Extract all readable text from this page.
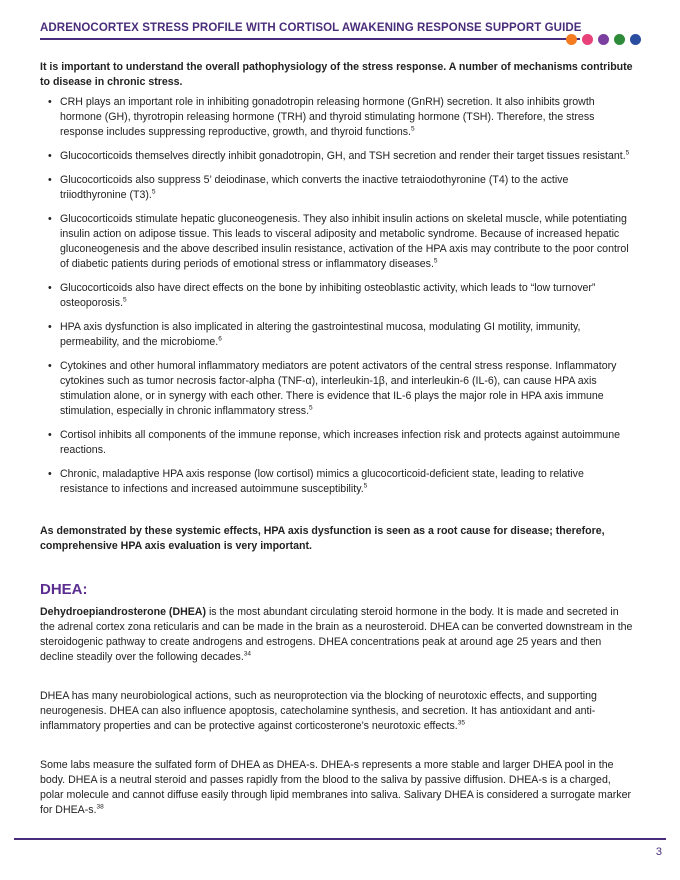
ADRENOCORTEX STRESS PROFILE WITH CORTISOL AWAKENING RESPONSE SUPPORT GUIDE

It is important to understand the overall pathophysiology of the stress response. A number of mechanisms contribute to disease in chronic stress.

• CRH plays an important role in inhibiting gonadotropin releasing hormone (GnRH) secretion. It also inhibits growth hormone (GH), thyrotropin releasing hormone (TRH) and thyroid stimulating hormone (TSH). Therefore, the stress response includes suppressing reproductive, growth, and thyroid functions.$^5$
• Glucocorticoids themselves directly inhibit gonadotropin, GH, and TSH secretion and render their target tissues resistant.$^5$
• Glucocorticoids also suppress 5’ deiodinase, which converts the inactive tetraiodothyronine (T4) to the active triiodthyronine (T3).$^5$
• Glucocorticoids stimulate hepatic gluconeogenesis. They also inhibit insulin actions on skeletal muscle, while potentiating insulin action on adipose tissue. This leads to visceral adiposity and metabolic syndrome. Because of increased hepatic gluconeogenesis and the above described insulin resistance, activation of the HPA axis may contribute to the poor control of diabetic patients during periods of emotional stress or inflammatory diseases.$^5$
• Glucocorticoids also have direct effects on the bone by inhibiting osteoblastic activity, which leads to “low turnover” osteoporosis.$^5$
• HPA axis dysfunction is also implicated in altering the gastrointestinal mucosa, modulating GI motility, immunity, permeability, and the microbiome.$^6$
• Cytokines and other humoral inflammatory mediators are potent activators of the central stress response. Inflammatory cytokines such as tumor necrosis factor-alpha (TNF-α), interleukin-1β, and interleukin-6 (IL-6), can cause HPA axis stimulation alone, or in synergy with each other. There is evidence that IL-6 plays the major role in HPA axis immune stimulation, especially in chronic inflammatory stress.$^5$
• Cortisol inhibits all components of the immune reponse, which increases infection risk and protects against autoimmune reactions.
• Chronic, maladaptive HPA axis response (low cortisol) mimics a glucocorticoid-deficient state, leading to relative resistance to infections and increased autoimmune susceptibility.$^5$

As demonstrated by these systemic effects, HPA axis dysfunction is seen as a root cause for disease; therefore, comprehensive HPA axis evaluation is very important.

DHEA:

Dehydroepiandrosterone (DHEA) is the most abundant circulating steroid hormone in the body. It is made and secreted in the adrenal cortex zona reticularis and can be made in the brain as a neurosteroid. DHEA can be converted downstream in the steroidogenic pathway to create androgens and estrogens. DHEA concentrations peak at around age 25 years and then decline steadily over the following decades.$^{34}$

DHEA has many neurobiological actions, such as neuroprotection via the blocking of neurotoxic effects, and supporting neurogenesis. DHEA can also influence apoptosis, catecholamine synthesis, and secretion. It has antioxidant and anti-inflammatory properties and can be protective against corticosterone’s neurotoxic effects.$^{35}$

Some labs measure the sulfated form of DHEA as DHEA-s. DHEA-s represents a more stable and larger DHEA pool in the body. DHEA is a neutral steroid and passes rapidly from the blood to the saliva by passive diffusion. DHEA-s is a charged, polar molecule and cannot diffuse easily through lipid membranes into saliva. Salivary DHEA is considered a surrogate marker for DHEA-s.$^{38}$

3
